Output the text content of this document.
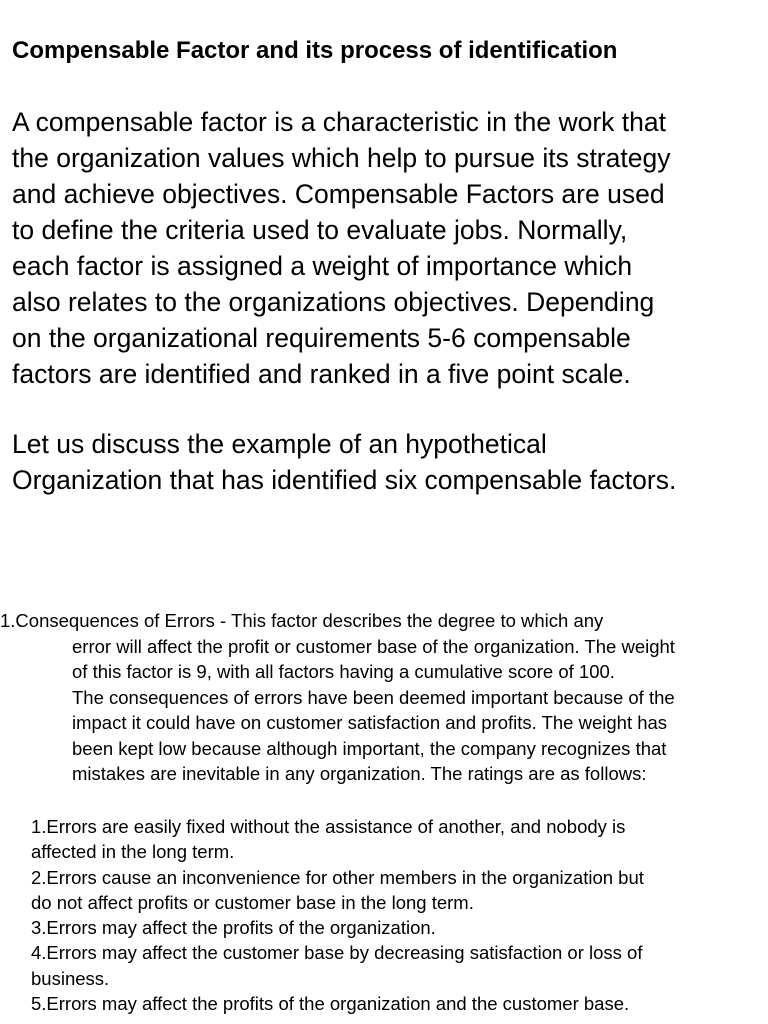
Compensable Factor and its process of identification

A compensable factor is a characteristic in the work that
the organization values which help to pursue its strategy
and achieve objectives. Compensable Factors are used
to define the criteria used to evaluate jobs. Normally,
each factor is assigned a weight of importance which
also relates to the organizations objectives. Depending
on the organizational requirements 5-6 compensable
factors are identified and ranked in a five point scale.

Let us discuss the example of an hypothetical
Organization that has identified six compensable factors.

1.Consequences of Errors - This factor describes the degree to which any
error will affect the profit or customer base of the organization. The weight
of this factor is 9, with all factors having a cumulative score of 100.
The consequences of errors have been deemed important because of the
impact it could have on customer satisfaction and profits. The weight has
been kept low because although important, the company recognizes that
mistakes are inevitable in any organization. The ratings are as follows:
1.Errors are easily fixed without the assistance of another, and nobody is
affected in the long term.
2.Errors cause an inconvenience for other members in the organization but
do not affect profits or customer base in the long term.
3.Errors may affect the profits of the organization.
4.Errors may affect the customer base by decreasing satisfaction or loss of
business.
5.Errors may affect the profits of the organization and the customer base.
